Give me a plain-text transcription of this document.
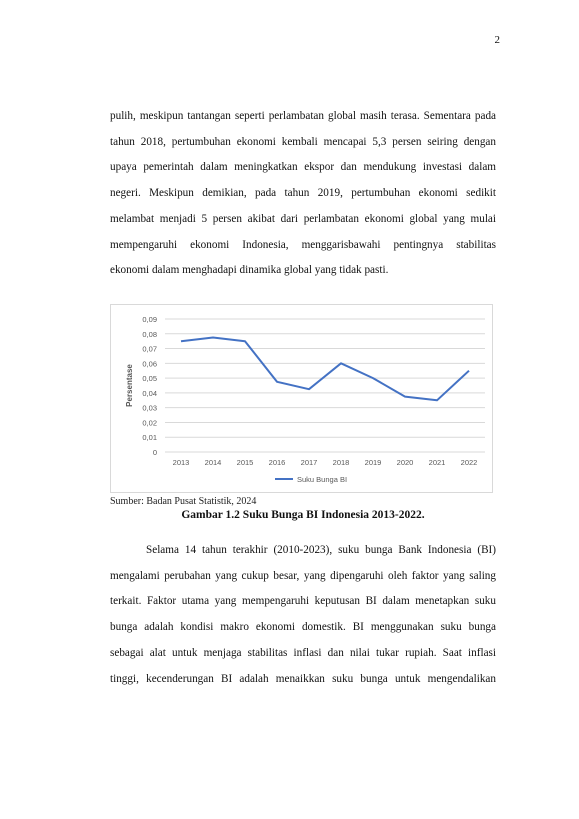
2
pulih, meskipun tantangan seperti perlambatan global masih terasa. Sementara pada
tahun 2018, pertumbuhan ekonomi kembali mencapai 5,3 persen seiring dengan
upaya pemerintah dalam meningkatkan ekspor dan mendukung investasi dalam
negeri. Meskipun demikian, pada tahun 2019, pertumbuhan ekonomi sedikit
melambat menjadi 5 persen akibat dari perlambatan ekonomi global yang mulai
mempengaruhi ekonomi Indonesia, menggarisbawahi pentingnya stabilitas
ekonomi dalam menghadapi dinamika global yang tidak pasti.
0
0,01
0,02
0,03
0,04
0,05
0,06
0,07
0,08
0,09
2013 2014 2015 2016 2017 2018 2019 2020 2021 2022
Persentase
Suku Bunga BI
Sumber: Badan Pusat Statistik, 2024
Gambar 1.2 Suku Bunga BI Indonesia 2013-2022.
Selama 14 tahun terakhir (2010-2023), suku bunga Bank Indonesia (BI)
mengalami perubahan yang cukup besar, yang dipengaruhi oleh faktor yang saling
terkait. Faktor utama yang mempengaruhi keputusan BI dalam menetapkan suku
bunga adalah kondisi makro ekonomi domestik. BI menggunakan suku bunga
sebagai alat untuk menjaga stabilitas inflasi dan nilai tukar rupiah. Saat inflasi
tinggi, kecenderungan BI adalah menaikkan suku bunga untuk mengendalikan
